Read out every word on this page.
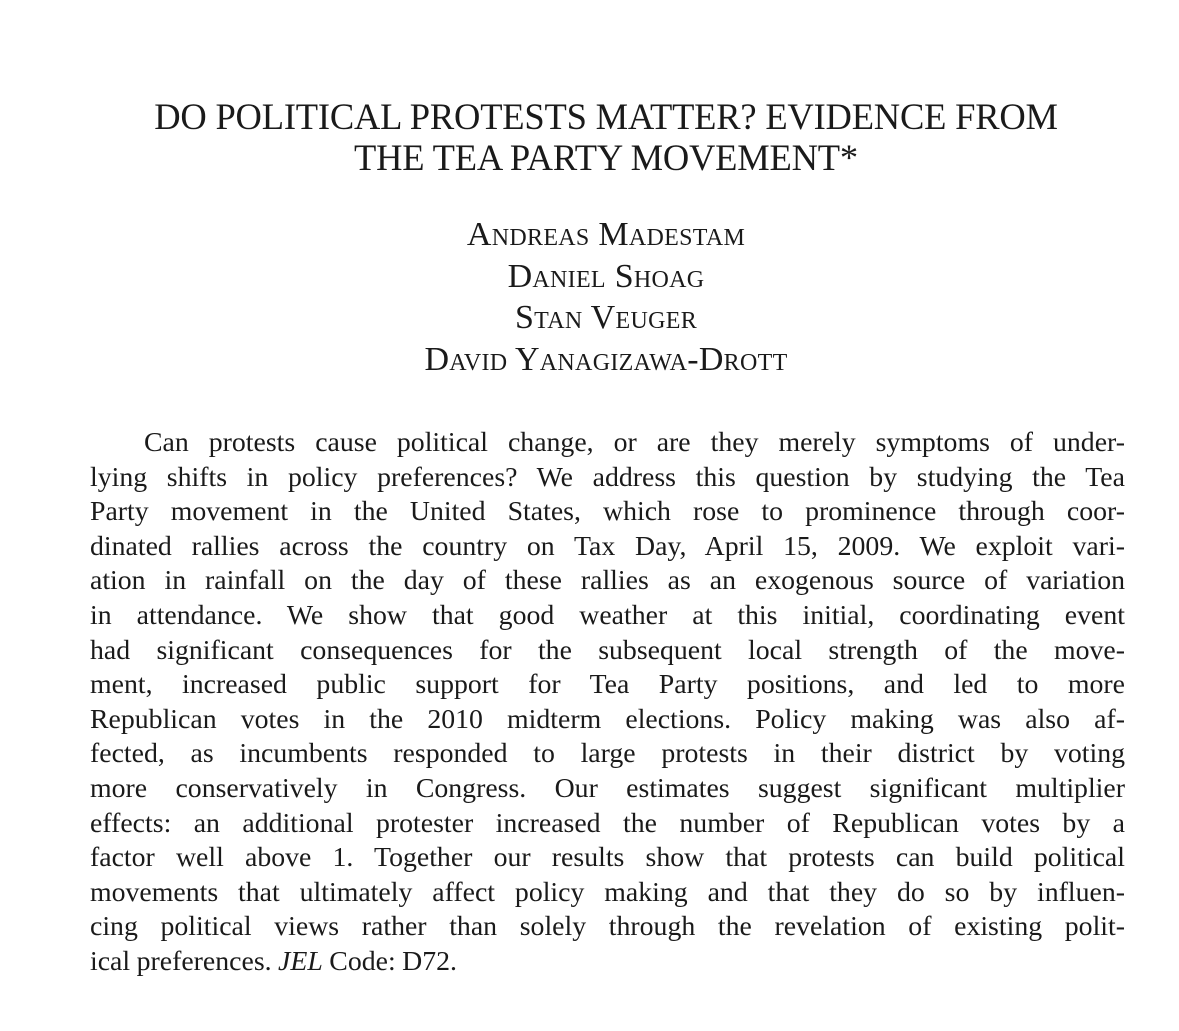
DO POLITICAL PROTESTS MATTER? EVIDENCE FROM
THE TEA PARTY MOVEMENT*
Andreas Madestam
Daniel Shoag
Stan Veuger
David Yanagizawa-Drott
Can protests cause political change, or are they merely symptoms of under-
lying shifts in policy preferences? We address this question by studying the Tea
Party movement in the United States, which rose to prominence through coor-
dinated rallies across the country on Tax Day, April 15, 2009. We exploit vari-
ation in rainfall on the day of these rallies as an exogenous source of variation
in attendance. We show that good weather at this initial, coordinating event
had significant consequences for the subsequent local strength of the move-
ment, increased public support for Tea Party positions, and led to more
Republican votes in the 2010 midterm elections. Policy making was also af-
fected, as incumbents responded to large protests in their district by voting
more conservatively in Congress. Our estimates suggest significant multiplier
effects: an additional protester increased the number of Republican votes by a
factor well above 1. Together our results show that protests can build political
movements that ultimately affect policy making and that they do so by influen-
cing political views rather than solely through the revelation of existing polit-
ical preferences. JEL Code: D72.
